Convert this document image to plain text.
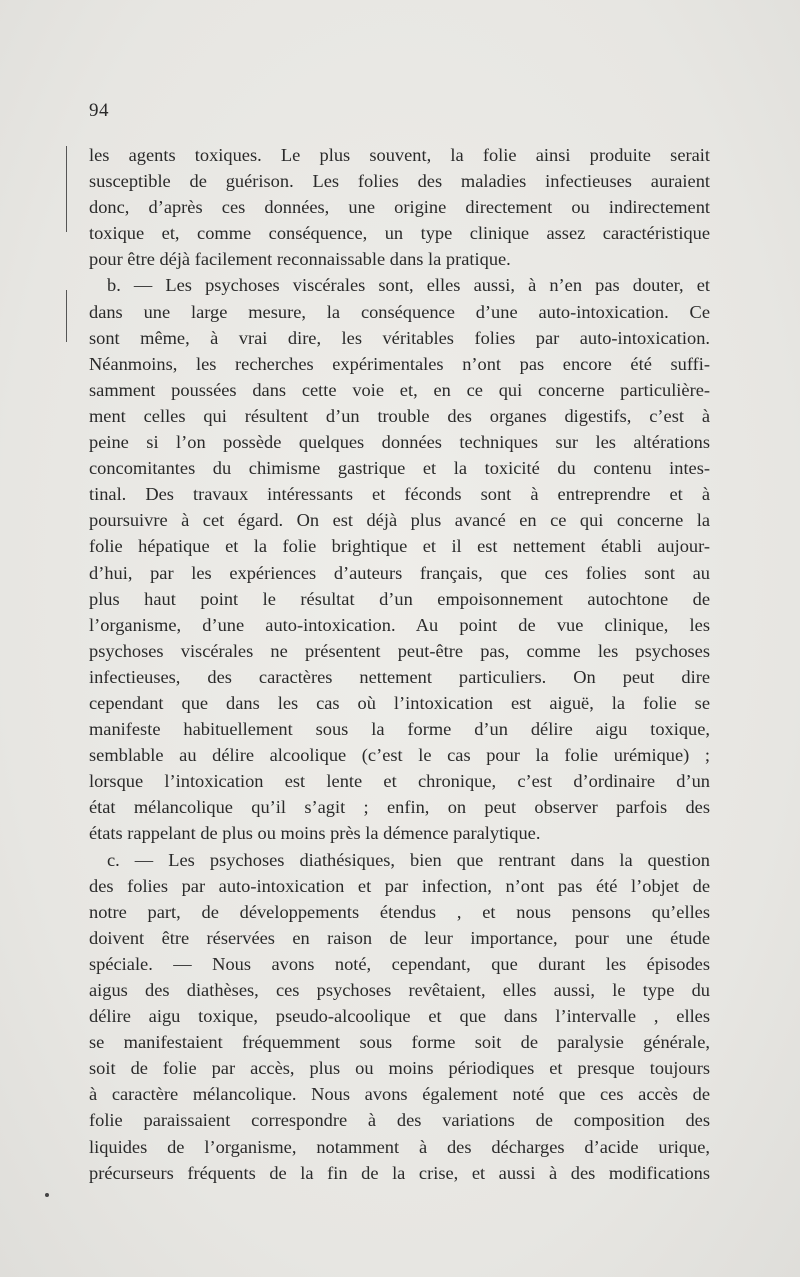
94
les agents toxiques. Le plus souvent, la folie ainsi produite serait
susceptible de guérison. Les folies des maladies infectieuses auraient
donc, d’après ces données, une origine directement ou indirectement
toxique et, comme conséquence, un type clinique assez caractéristique
pour être déjà facilement reconnaissable dans la pratique.
b. — Les psychoses viscérales sont, elles aussi, à n’en pas douter, et
dans une large mesure, la conséquence d’une auto-intoxication. Ce
sont même, à vrai dire, les véritables folies par auto-intoxication.
Néanmoins, les recherches expérimentales n’ont pas encore été suffi-
samment poussées dans cette voie et, en ce qui concerne particulière-
ment celles qui résultent d’un trouble des organes digestifs, c’est à
peine si l’on possède quelques données techniques sur les altérations
concomitantes du chimisme gastrique et la toxicité du contenu intes-
tinal. Des travaux intéressants et féconds sont à entreprendre et à
poursuivre à cet égard. On est déjà plus avancé en ce qui concerne la
folie hépatique et la folie brightique et il est nettement établi aujour-
d’hui, par les expériences d’auteurs français, que ces folies sont au
plus haut point le résultat d’un empoisonnement autochtone de
l’organisme, d’une auto-intoxication. Au point de vue clinique, les
psychoses viscérales ne présentent peut-être pas, comme les psychoses
infectieuses, des caractères nettement particuliers. On peut dire
cependant que dans les cas où l’intoxication est aiguë, la folie se
manifeste habituellement sous la forme d’un délire aigu toxique,
semblable au délire alcoolique (c’est le cas pour la folie urémique) ;
lorsque l’intoxication est lente et chronique, c’est d’ordinaire d’un
état mélancolique qu’il s’agit ; enfin, on peut observer parfois des
états rappelant de plus ou moins près la démence paralytique.
c. — Les psychoses diathésiques, bien que rentrant dans la question
des folies par auto-intoxication et par infection, n’ont pas été l’objet de
notre part, de développements étendus , et nous pensons qu’elles
doivent être réservées en raison de leur importance, pour une étude
spéciale. — Nous avons noté, cependant, que durant les épisodes
aigus des diathèses, ces psychoses revêtaient, elles aussi, le type du
délire aigu toxique, pseudo-alcoolique et que dans l’intervalle , elles
se manifestaient fréquemment sous forme soit de paralysie générale,
soit de folie par accès, plus ou moins périodiques et presque toujours
à caractère mélancolique. Nous avons également noté que ces accès de
folie paraissaient correspondre à des variations de composition des
liquides de l’organisme, notamment à des décharges d’acide urique,
précurseurs fréquents de la fin de la crise, et aussi à des modifications
